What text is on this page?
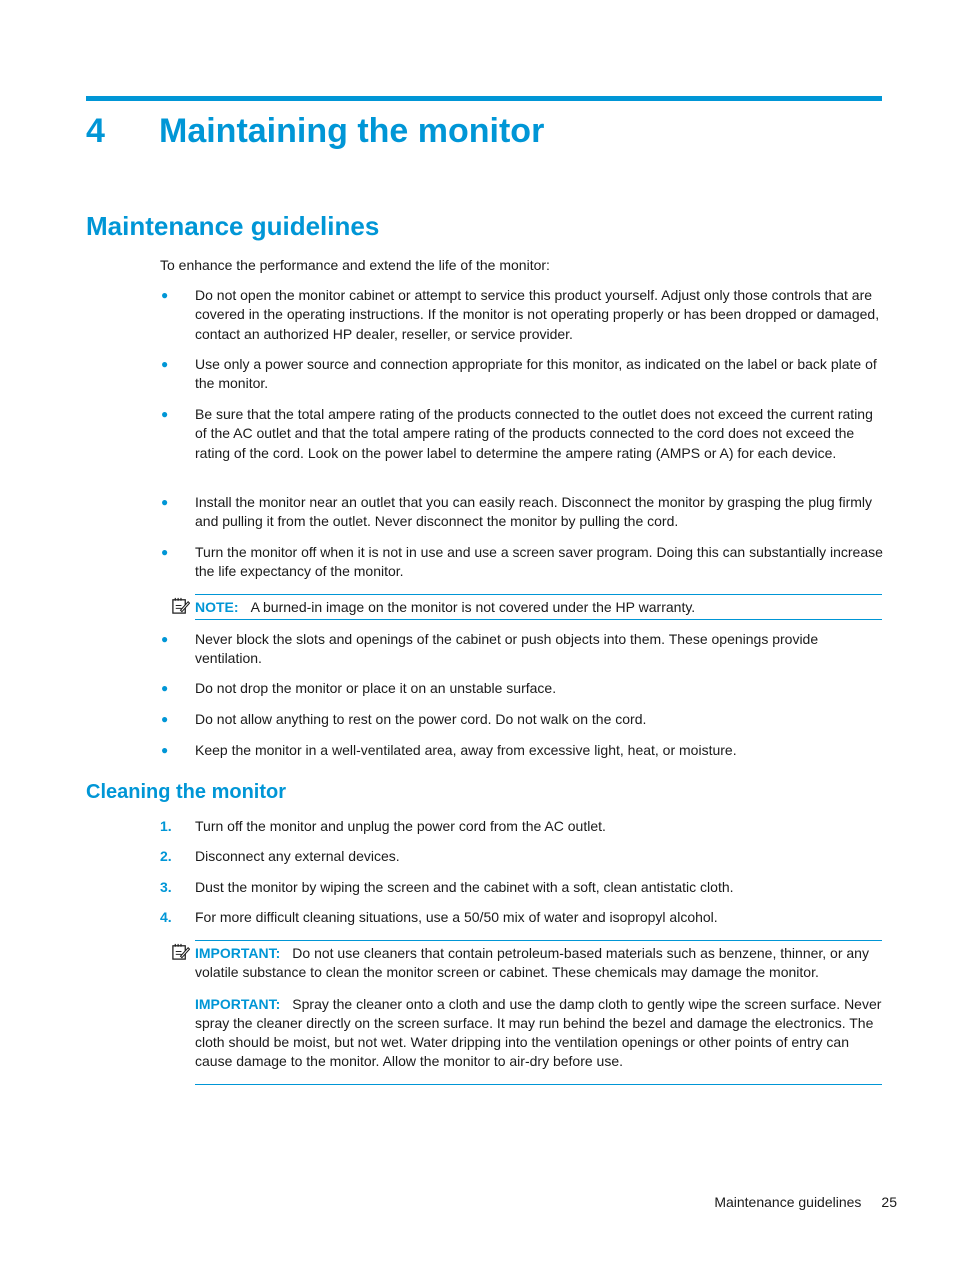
4 Maintaining the monitor
Maintenance guidelines

To enhance the performance and extend the life of the monitor:

●	Do not open the monitor cabinet or attempt to service this product yourself. Adjust only those controls that are covered in the operating instructions. If the monitor is not operating properly or has been dropped or damaged, contact an authorized HP dealer, reseller, or service provider.
●	Use only a power source and connection appropriate for this monitor, as indicated on the label or back plate of the monitor.
●	Be sure that the total ampere rating of the products connected to the outlet does not exceed the current rating of the AC outlet and that the total ampere rating of the products connected to the cord does not exceed the rating of the cord. Look on the power label to determine the ampere rating (AMPS or A) for each device.
●	Install the monitor near an outlet that you can easily reach. Disconnect the monitor by grasping the plug firmly and pulling it from the outlet. Never disconnect the monitor by pulling the cord.
●	Turn the monitor off when it is not in use and use a screen saver program. Doing this can substantially increase the life expectancy of the monitor.
NOTE: A burned-in image on the monitor is not covered under the HP warranty.
●	Never block the slots and openings of the cabinet or push objects into them. These openings provide ventilation.
●	Do not drop the monitor or place it on an unstable surface.
●	Do not allow anything to rest on the power cord. Do not walk on the cord.
●	Keep the monitor in a well-ventilated area, away from excessive light, heat, or moisture.
Cleaning the monitor
1.	Turn off the monitor and unplug the power cord from the AC outlet.
2.	Disconnect any external devices.
3.	Dust the monitor by wiping the screen and the cabinet with a soft, clean antistatic cloth.
4.	For more difficult cleaning situations, use a 50/50 mix of water and isopropyl alcohol.
IMPORTANT: Do not use cleaners that contain petroleum-based materials such as benzene, thinner, or any volatile substance to clean the monitor screen or cabinet. These chemicals may damage the monitor.
IMPORTANT: Spray the cleaner onto a cloth and use the damp cloth to gently wipe the screen surface. Never spray the cleaner directly on the screen surface. It may run behind the bezel and damage the electronics. The cloth should be moist, but not wet. Water dripping into the ventilation openings or other points of entry can cause damage to the monitor. Allow the monitor to air-dry before use.
Maintenance guidelines 25
